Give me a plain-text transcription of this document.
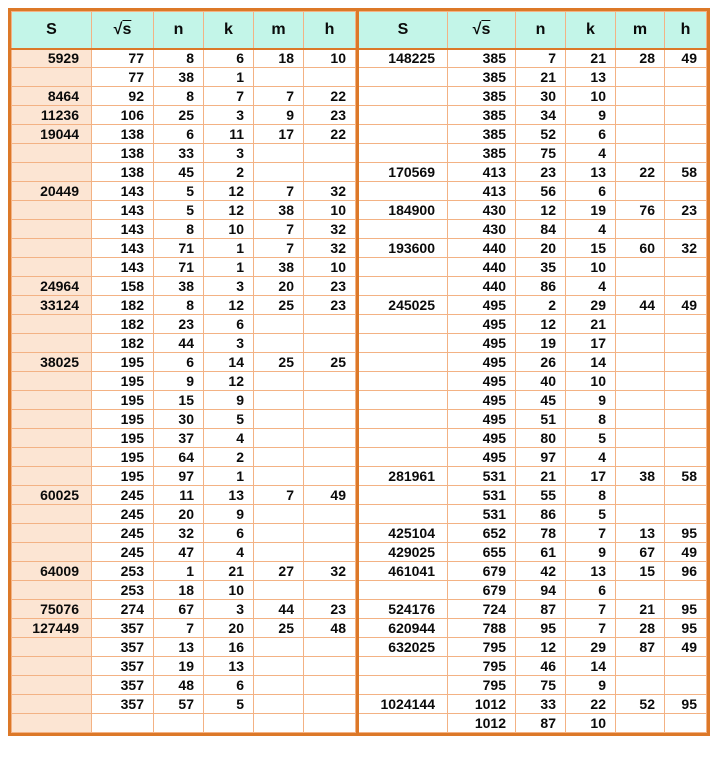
S	√s	n	k	m	h
5929	77	8	6	18	10
	77	38	1		
8464	92	8	7	7	22
11236	106	25	3	9	23
19044	138	6	11	17	22
	138	33	3		
	138	45	2		
20449	143	5	12	7	32
	143	5	12	38	10
	143	8	10	7	32
	143	71	1	7	32
	143	71	1	38	10
24964	158	38	3	20	23
33124	182	8	12	25	23
	182	23	6		
	182	44	3		
38025	195	6	14	25	25
	195	9	12		
	195	15	9		
	195	30	5		
	195	37	4		
	195	64	2		
	195	97	1		
60025	245	11	13	7	49
	245	20	9		
	245	32	6		
	245	47	4		
64009	253	1	21	27	32
	253	18	10		
75076	274	67	3	44	23
127449	357	7	20	25	48
	357	13	16		
	357	19	13		
	357	48	6		
	357	57	5		

S	√s	n	k	m	h
148225	385	7	21	28	49
	385	21	13		
	385	30	10		
	385	34	9		
	385	52	6		
	385	75	4		
170569	413	23	13	22	58
	413	56	6		
184900	430	12	19	76	23
	430	84	4		
193600	440	20	15	60	32
	440	35	10		
	440	86	4		
245025	495	2	29	44	49
	495	12	21		
	495	19	17		
	495	26	14		
	495	40	10		
	495	45	9		
	495	51	8		
	495	80	5		
	495	97	4		
281961	531	21	17	38	58
	531	55	8		
	531	86	5		
425104	652	78	7	13	95
429025	655	61	9	67	49
461041	679	42	13	15	96
	679	94	6		
524176	724	87	7	21	95
620944	788	95	7	28	95
632025	795	12	29	87	49
	795	46	14		
	795	75	9		
1024144	1012	33	22	52	95
	1012	87	10		
